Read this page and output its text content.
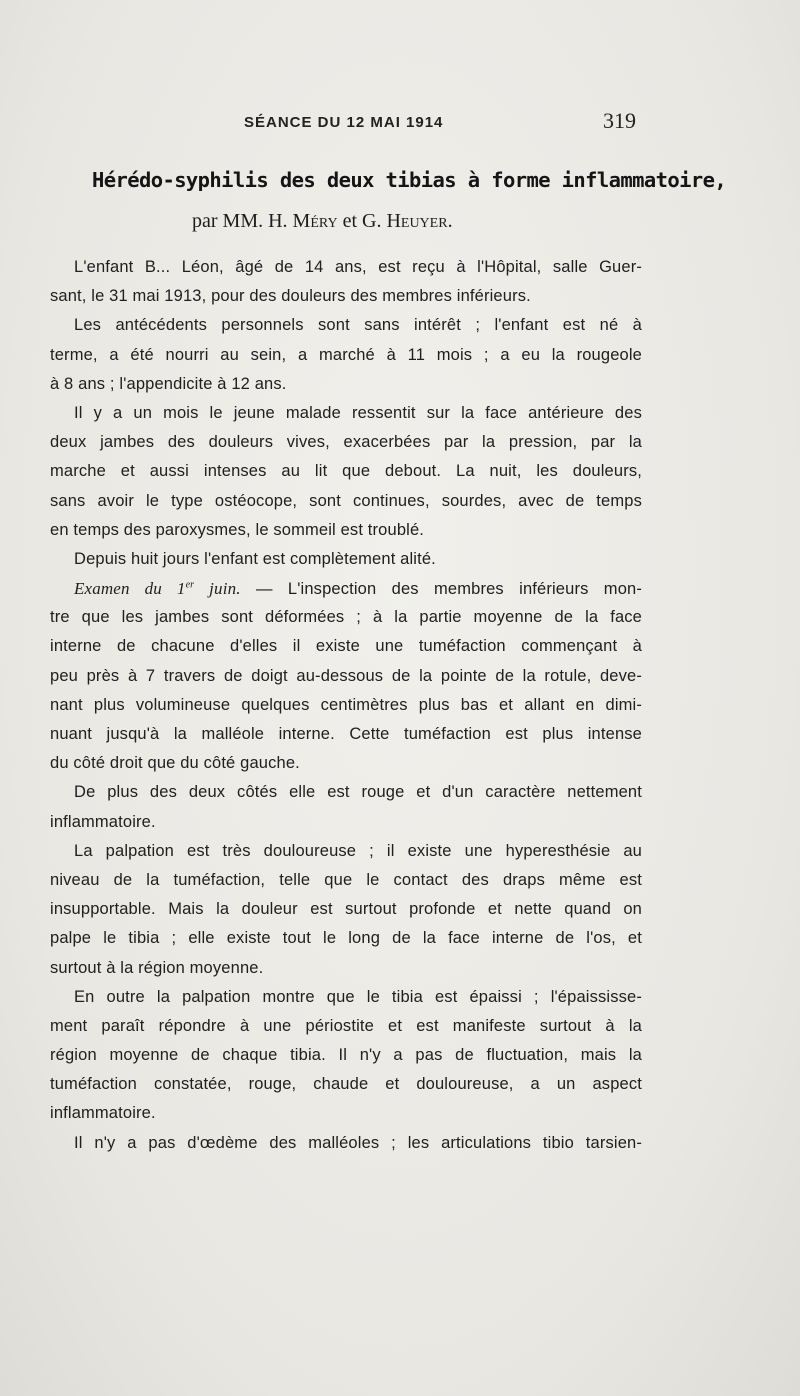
SÉANCE DU 12 MAI 1914	319
Hérédo-syphilis des deux tibias à forme inflammatoire,
par MM. H. Méry et G. Heuyer.
L'enfant B... Léon, âgé de 14 ans, est reçu à l'Hôpital, salle Guer-
sant, le 31 mai 1913, pour des douleurs des membres inférieurs.
Les antécédents personnels sont sans intérêt ; l'enfant est né à
terme, a été nourri au sein, a marché à 11 mois ; a eu la rougeole
à 8 ans ; l'appendicite à 12 ans.
Il y a un mois le jeune malade ressentit sur la face antérieure des
deux jambes des douleurs vives, exacerbées par la pression, par la
marche et aussi intenses au lit que debout. La nuit, les douleurs,
sans avoir le type ostéocope, sont continues, sourdes, avec de temps
en temps des paroxysmes, le sommeil est troublé.
Depuis huit jours l'enfant est complètement alité.
Examen du 1er juin. — L'inspection des membres inférieurs mon-
tre que les jambes sont déformées ; à la partie moyenne de la face
interne de chacune d'elles il existe une tuméfaction commençant à
peu près à 7 travers de doigt au-dessous de la pointe de la rotule, deve-
nant plus volumineuse quelques centimètres plus bas et allant en dimi-
nuant jusqu'à la malléole interne. Cette tuméfaction est plus intense
du côté droit que du côté gauche.
De plus des deux côtés elle est rouge et d'un caractère nettement
inflammatoire.
La palpation est très douloureuse ; il existe une hyperesthésie au
niveau de la tuméfaction, telle que le contact des draps même est
insupportable. Mais la douleur est surtout profonde et nette quand on
palpe le tibia ; elle existe tout le long de la face interne de l'os, et
surtout à la région moyenne.
En outre la palpation montre que le tibia est épaissi ; l'épaississe-
ment paraît répondre à une périostite et est manifeste surtout à la
région moyenne de chaque tibia. Il n'y a pas de fluctuation, mais la
tuméfaction constatée, rouge, chaude et douloureuse, a un aspect
inflammatoire.
Il n'y a pas d'œdème des malléoles ; les articulations tibio tarsien-
